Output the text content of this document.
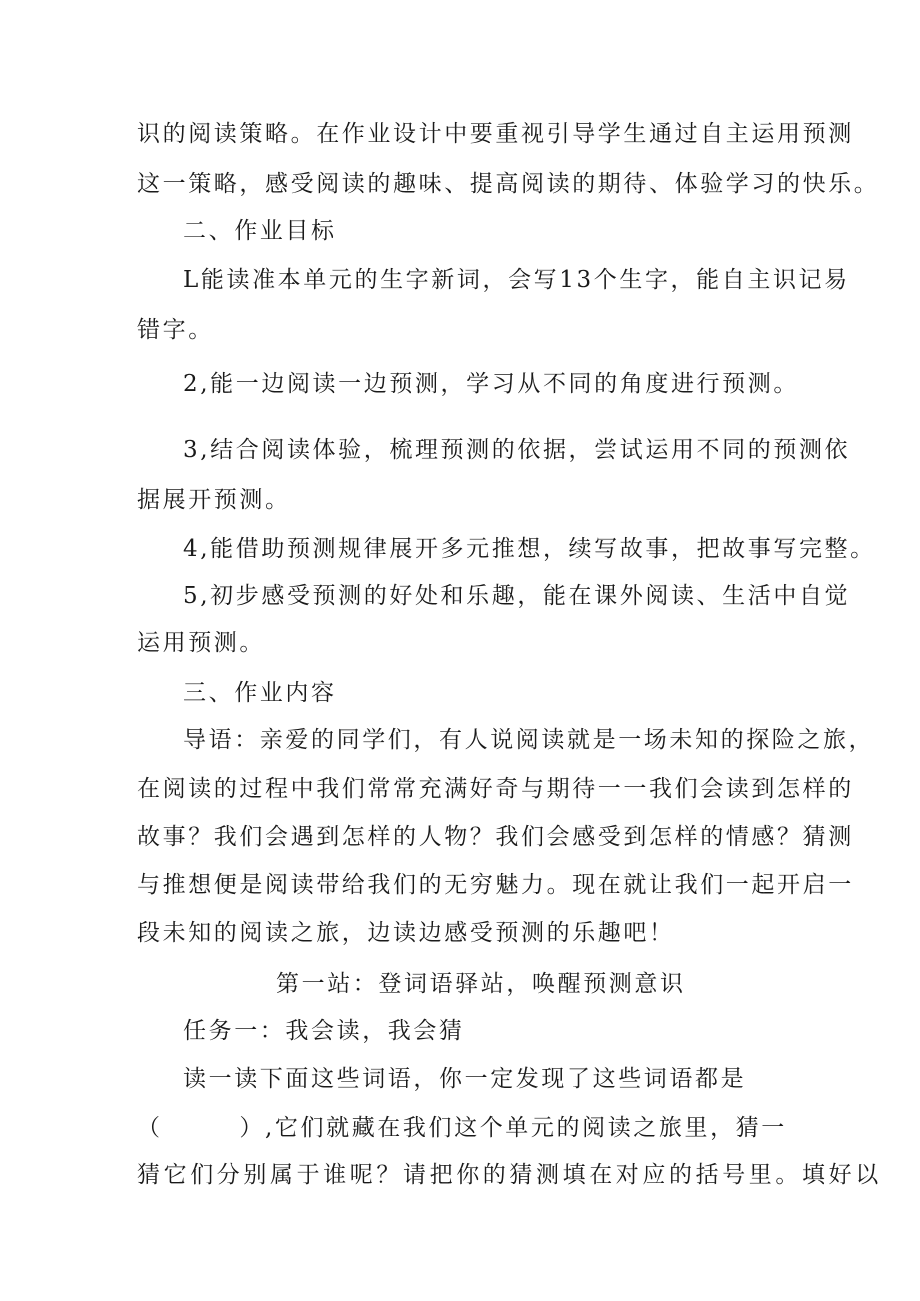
识的阅读策略。在作业设计中要重视引导学生通过自主运用预测
这一策略，感受阅读的趣味、提高阅读的期待、体验学习的快乐。
二、作业目标
L能读准本单元的生字新词，会写13个生字，能自主识记易
错字。
2,能一边阅读一边预测，学习从不同的角度进行预测。
3,结合阅读体验，梳理预测的依据，尝试运用不同的预测依
据展开预测。
4,能借助预测规律展开多元推想，续写故事，把故事写完整。
5,初步感受预测的好处和乐趣，能在课外阅读、生活中自觉
运用预测。
三、作业内容
导语：亲爱的同学们，有人说阅读就是一场未知的探险之旅，
在阅读的过程中我们常常充满好奇与期待一一我们会读到怎样的
故事？我们会遇到怎样的人物？我们会感受到怎样的情感？猜测
与推想便是阅读带给我们的无穷魅力。现在就让我们一起开启一
段未知的阅读之旅，边读边感受预测的乐趣吧！
第一站：登词语驿站，唤醒预测意识
任务一：我会读，我会猜
读一读下面这些词语，你一定发现了这些词语都是
（　　　）,它们就藏在我们这个单元的阅读之旅里，猜一
猜它们分别属于谁呢？请把你的猜测填在对应的括号里。填好以
